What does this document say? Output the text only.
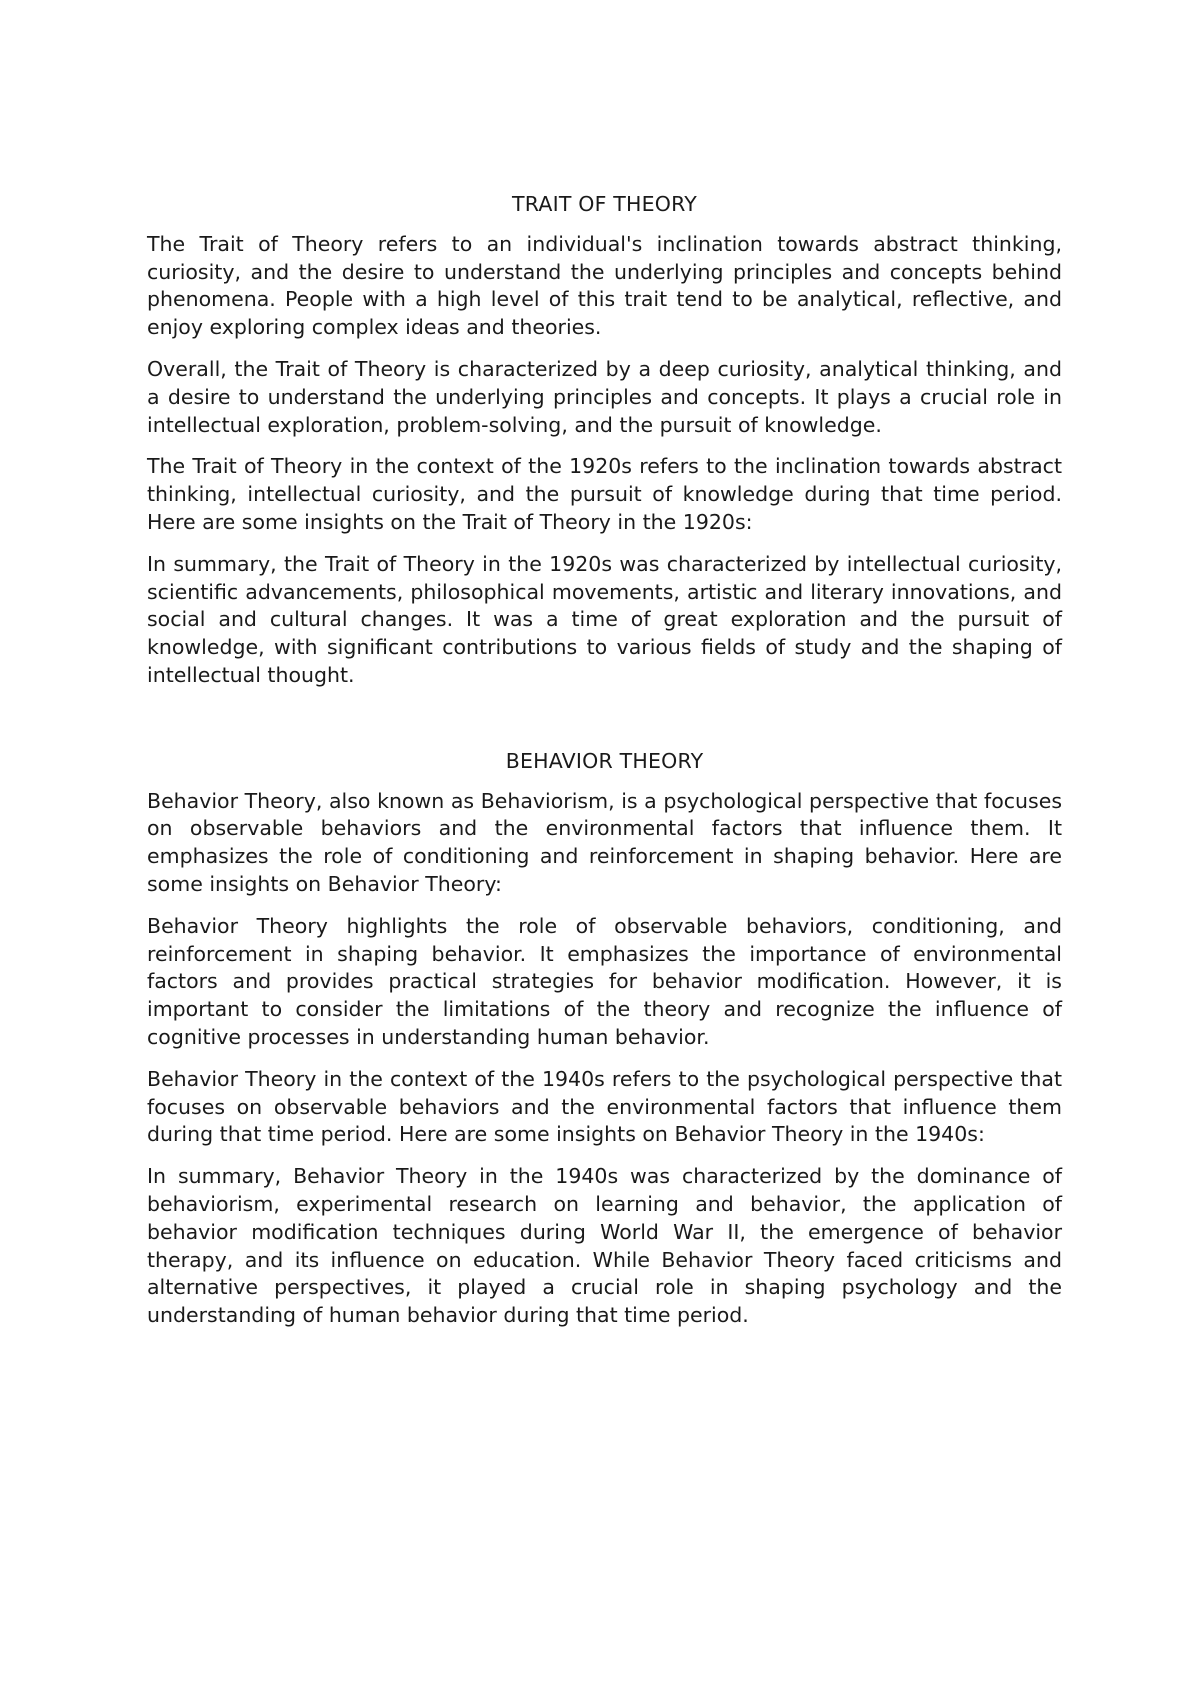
TRAIT OF THEORY

The Trait of Theory refers to an individual's inclination towards abstract thinking, curiosity, and the desire to understand the underlying principles and concepts behind phenomena. People with a high level of this trait tend to be analytical, reflective, and enjoy exploring complex ideas and theories.

Overall, the Trait of Theory is characterized by a deep curiosity, analytical thinking, and a desire to understand the underlying principles and concepts. It plays a crucial role in intellectual exploration, problem-solving, and the pursuit of knowledge.

The Trait of Theory in the context of the 1920s refers to the inclination towards abstract thinking, intellectual curiosity, and the pursuit of knowledge during that time period. Here are some insights on the Trait of Theory in the 1920s:

In summary, the Trait of Theory in the 1920s was characterized by intellectual curiosity, scientific advancements, philosophical movements, artistic and literary innovations, and social and cultural changes. It was a time of great exploration and the pursuit of knowledge, with significant contributions to various fields of study and the shaping of intellectual thought.

BEHAVIOR THEORY

Behavior Theory, also known as Behaviorism, is a psychological perspective that focuses on observable behaviors and the environmental factors that influence them. It emphasizes the role of conditioning and reinforcement in shaping behavior. Here are some insights on Behavior Theory:

Behavior Theory highlights the role of observable behaviors, conditioning, and reinforcement in shaping behavior. It emphasizes the importance of environmental factors and provides practical strategies for behavior modification. However, it is important to consider the limitations of the theory and recognize the influence of cognitive processes in understanding human behavior.

Behavior Theory in the context of the 1940s refers to the psychological perspective that focuses on observable behaviors and the environmental factors that influence them during that time period. Here are some insights on Behavior Theory in the 1940s:

In summary, Behavior Theory in the 1940s was characterized by the dominance of behaviorism, experimental research on learning and behavior, the application of behavior modification techniques during World War II, the emergence of behavior therapy, and its influence on education. While Behavior Theory faced criticisms and alternative perspectives, it played a crucial role in shaping psychology and the understanding of human behavior during that time period.
